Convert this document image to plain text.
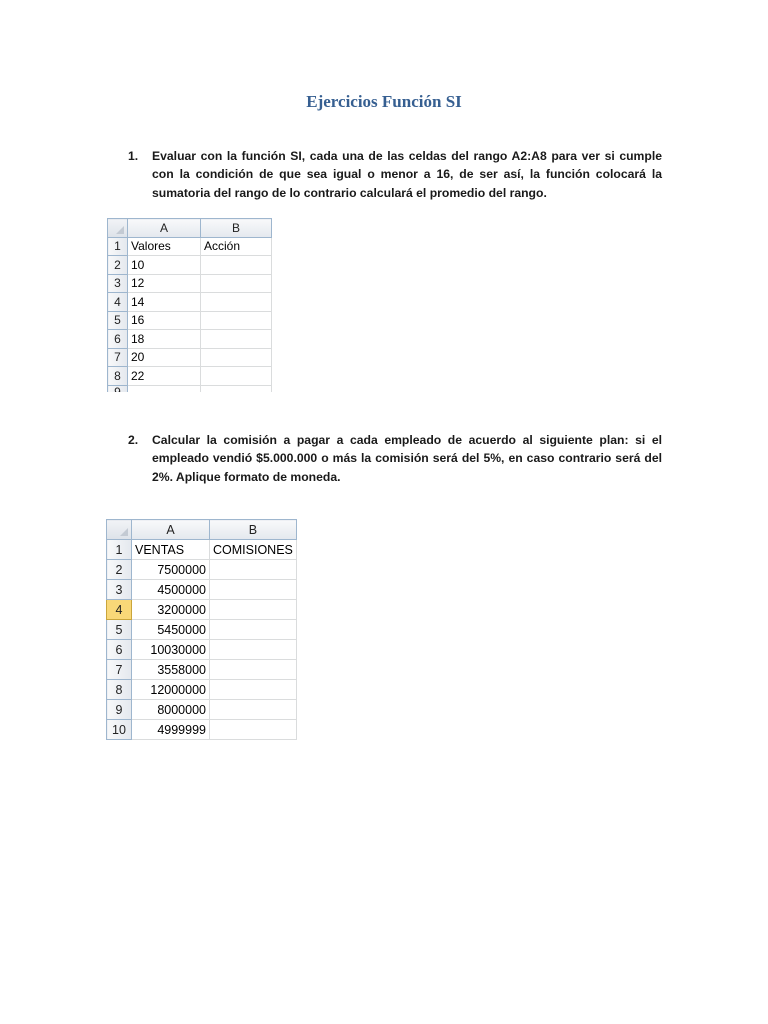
Ejercicios Función SI
1. Evaluar con la función SI, cada una de las celdas del rango A2:A8 para ver si cumple con la condición de que sea igual o menor a 16, de ser así, la función colocará la sumatoria del rango de lo contrario calculará el promedio del rango.
	A	B
1	Valores	Acción
2	10	
3	12	
4	14	
5	16	
6	18	
7	20	
8	22	

2. Calcular la comisión a pagar a cada empleado de acuerdo al siguiente plan: si el empleado vendió $5.000.000 o más la comisión será del 5%, en caso contrario será del 2%. Aplique formato de moneda.
	A	B
1	VENTAS	COMISIONES
2	7500000	
3	4500000	
4	3200000	
5	5450000	
6	10030000	
7	3558000	
8	12000000	
9	8000000	
10	4999999	
